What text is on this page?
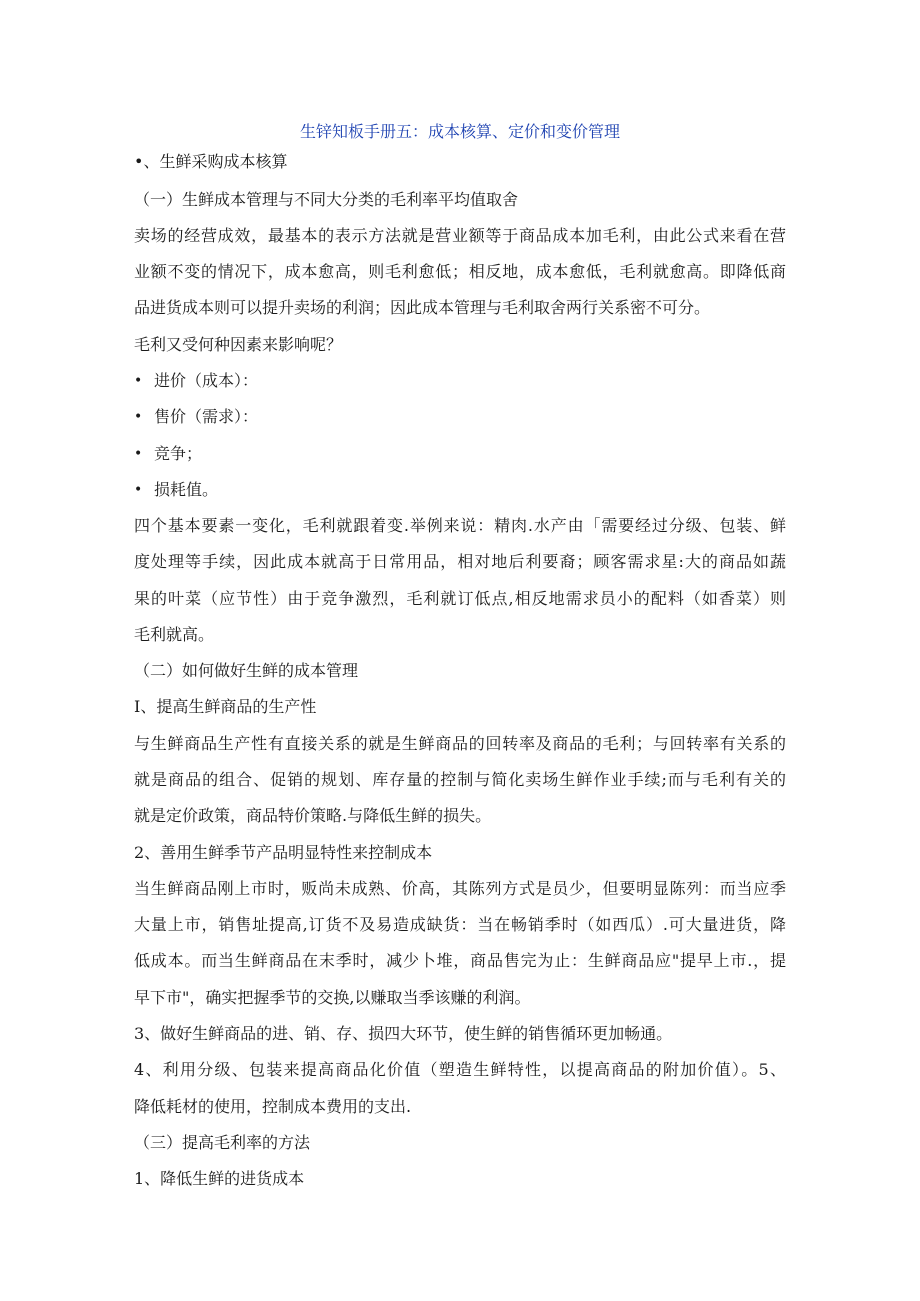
生锌知板手册五：成本核算、定价和变价管理
•、生鲜采购成本核算
（一）生鲜成本管理与不同大分类的毛利率平均值取舍
卖场的经营成效，最基本的表示方法就是营业额等于商品成本加毛利，由此公式来看在营
业额不变的情况下，成本愈高，则毛利愈低；相反地，成本愈低，毛利就愈高。即降低商
品进货成本则可以提升卖场的利润；因此成本管理与毛利取舍两行关系密不可分。
毛利又受何种因素来影响呢？
• 进价（成本）：
• 售价（需求）：
• 竞争；
• 损耗值。
四个基本要素一变化，毛利就跟着变.举例来说：精肉.水产由「需要经过分级、包装、鲜
度处理等手续，因此成本就高于日常用品，相对地后利要裔；顾客需求星:大的商品如蔬
果的叶菜（应节性）由于竞争激烈，毛利就订低点,相反地需求员小的配料（如香菜）则
毛利就高。
（二）如何做好生鲜的成本管理
I、提高生鲜商品的生产性
与生鲜商品生产性有直接关系的就是生鲜商品的回转率及商品的毛利；与回转率有关系的
就是商品的组合、促销的规划、库存量的控制与简化卖场生鲜作业手续;而与毛利有关的
就是定价政策，商品特价策略.与降低生鲜的损失。
2、善用生鲜季节产品明显特性来控制成本
当生鲜商品刚上市时，贩尚未成熟、价高，其陈列方式是员少，但要明显陈列：而当应季
大量上市，销售址提高,订货不及易造成缺货：当在畅销季时（如西瓜）.可大量进货，降
低成本。而当生鲜商品在末季时，减少卜堆，商品售完为止：生鲜商品应"提早上市.，提
早下市"，确实把握季节的交换,以赚取当季该赚的利润。
3、做好生鲜商品的进、销、存、损四大环节，使生鲜的销售循环更加畅通。
4、利用分级、包装来提高商品化价值（塑造生鲜特性，以提高商品的附加价值）。5、
降低耗材的使用，控制成本费用的支出.
（三）提高毛利率的方法
1、降低生鲜的进货成本
